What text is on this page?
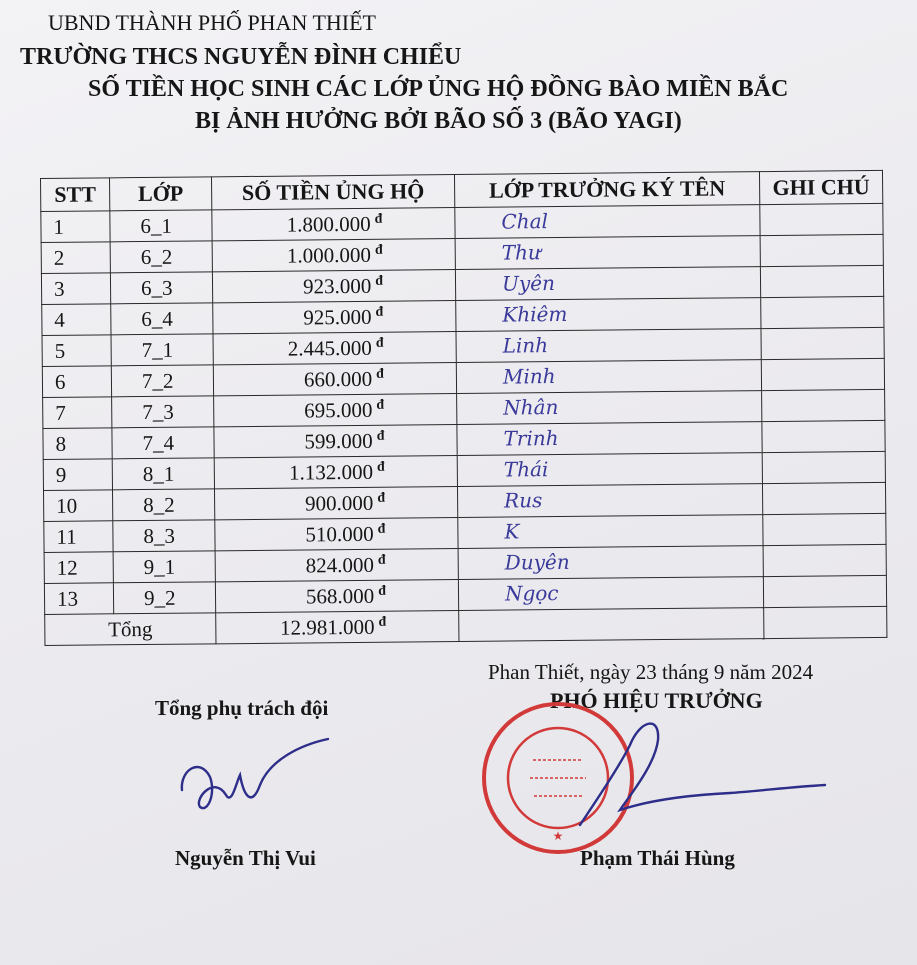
UBND THÀNH PHỐ PHAN THIẾT
TRƯỜNG THCS NGUYỄN ĐÌNH CHIỂU
SỐ TIỀN HỌC SINH CÁC LỚP ỦNG HỘ ĐỒNG BÀO MIỀN BẮC
BỊ ẢNH HƯỞNG BỞI BÃO SỐ 3 (BÃO YAGI)
STT	LỚP	SỐ TIỀN ỦNG HỘ	LỚP TRƯỞNG KÝ TÊN	GHI CHÚ
1	6_1	1.800.000 $^đ$	Chal	

2	6_2	1.000.000 $^đ$	Thư	

3	6_3	923.000 $^đ$	Uyên	

4	6_4	925.000 $^đ$	Khiêm	

5	7_1	2.445.000 $^đ$	Linh	

6	7_2	660.000 $^đ$	Minh	

7	7_3	695.000 $^đ$	Nhân	

8	7_4	599.000 $^đ$	Trinh	

9	8_1	1.132.000 $^đ$	Thái	

10	8_2	900.000 $^đ$	Rus	

11	8_3	510.000 $^đ$	K	

12	9_1	824.000 $^đ$	Duyên	

13	9_2	568.000 $^đ$	Ngọc	

Tổng		12.981.000 $^đ$		
Phan Thiết, ngày 23 tháng 9 năm 2024
PHÓ HIỆU TRƯỞNG
Tổng phụ trách đội
★
Nguyễn Thị Vui	Phạm Thái Hùng
